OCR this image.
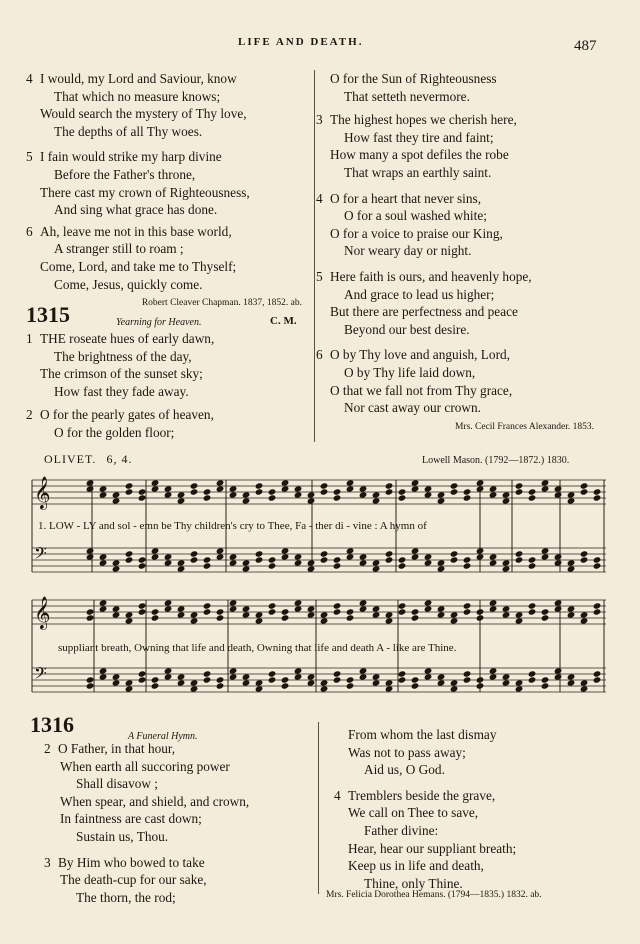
LIFE AND DEATH.	487
4 I would, my Lord and Saviour, know
That which no measure knows;
Would search the mystery of Thy love,
The depths of all Thy woes.
5 I fain would strike my harp divine
Before the Father's throne,
There cast my crown of Righteousness,
And sing what grace has done.
6 Ah, leave me not in this base world,
A stranger still to roam ;
Come, Lord, and take me to Thyself;
Come, Jesus, quickly come.
Robert Cleaver Chapman. 1837, 1852. ab.
1315	Yearning for Heaven.	C. M.
1 THE roseate hues of early dawn,
The brightness of the day,
The crimson of the sunset sky;
How fast they fade away.
2 O for the pearly gates of heaven,
O for the golden floor;
O for the Sun of Righteousness
That setteth nevermore.
3 The highest hopes we cherish here,
How fast they tire and faint;
How many a spot defiles the robe
That wraps an earthly saint.
4 O for a heart that never sins,
O for a soul washed white;
O for a voice to praise our King,
Nor weary day or night.
5 Here faith is ours, and heavenly hope,
And grace to lead us higher;
But there are perfectness and peace
Beyond our best desire.
6 O by Thy love and anguish, Lord,
O by Thy life laid down,
O that we fall not from Thy grace,
Nor cast away our crown.
Mrs. Cecil Frances Alexander. 1853.
OLIVET. 6, 4.	Lowell Mason. (1792—1872.) 1830.
𝄞
𝄢
𝄞
𝄢
1. LOW - LY and sol - emn be Thy children's cry to Thee, Fa - ther di - vine : A hymn of
suppliant breath, Owning that life and death, Owning that life and death A - like are Thine.
1316	A Funeral Hymn.
2 O Father, in that hour,
When earth all succoring power
Shall disavow ;
When spear, and shield, and crown,
In faintness are cast down;
Sustain us, Thou.
3 By Him who bowed to take
The death-cup for our sake,
The thorn, the rod;
From whom the last dismay
Was not to pass away;
Aid us, O God.
4 Tremblers beside the grave,
We call on Thee to save,
Father divine:
Hear, hear our suppliant breath;
Keep us in life and death,
Thine, only Thine.
Mrs. Felicia Dorothea Hemans. (1794—1835.) 1832. ab.
